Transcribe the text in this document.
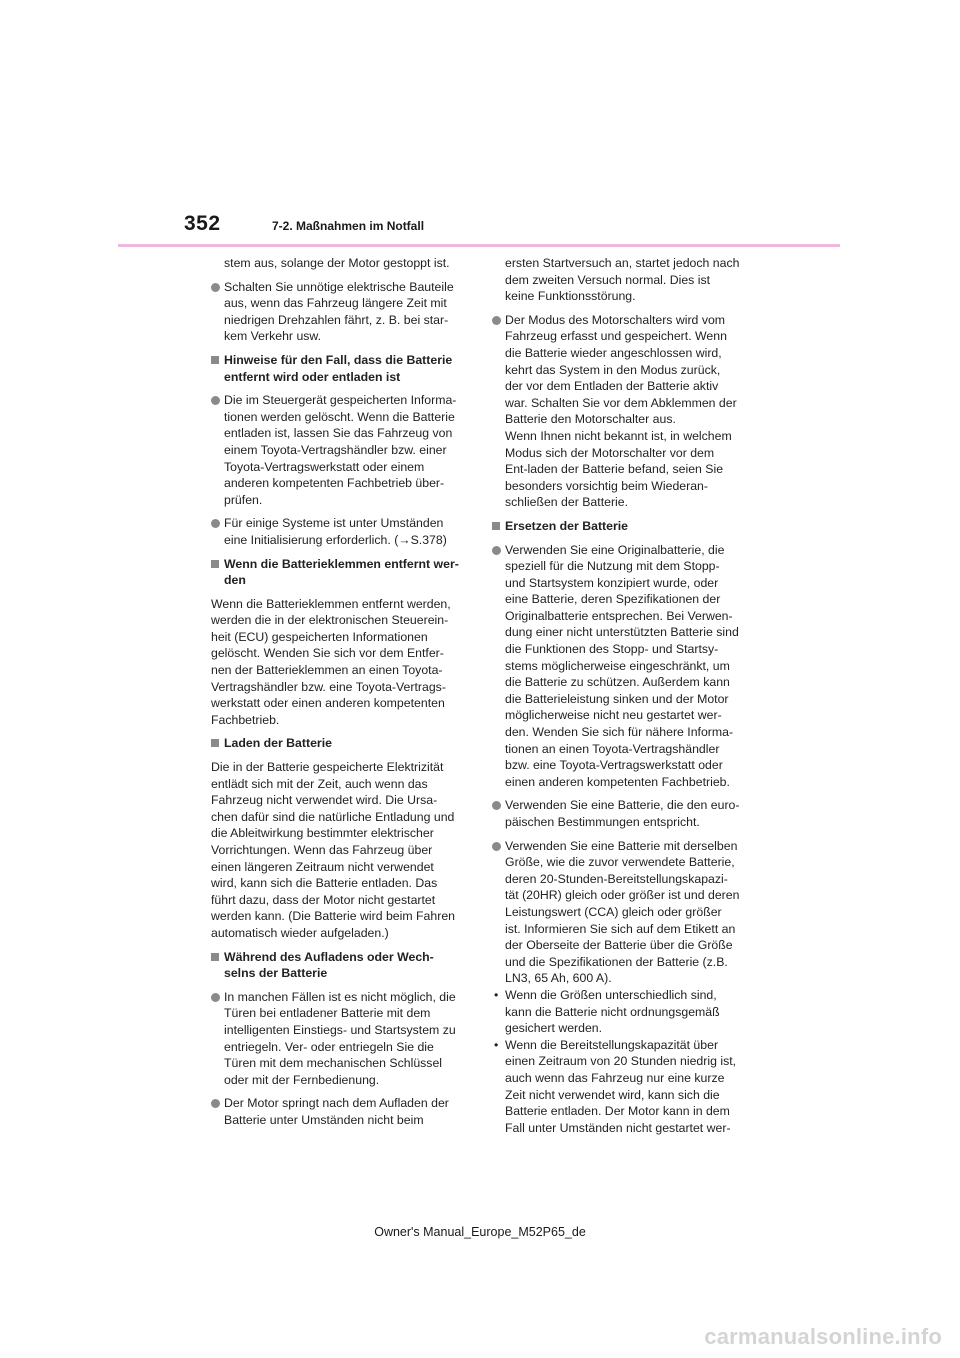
352	7-2. Maßnahmen im Notfall
stem aus, solange der Motor gestoppt ist.
Schalten Sie unnötige elektrische Bauteile aus, wenn das Fahrzeug längere Zeit mit niedrigen Drehzahlen fährt, z. B. bei star-kem Verkehr usw.
Hinweise für den Fall, dass die Batterie entfernt wird oder entladen ist
Die im Steuergerät gespeicherten Informa-tionen werden gelöscht. Wenn die Batterie entladen ist, lassen Sie das Fahrzeug von einem Toyota-Vertragshändler bzw. einer Toyota-Vertragswerkstatt oder einem anderen kompetenten Fachbetrieb über-prüfen.
Für einige Systeme ist unter Umständen eine Initialisierung erforderlich. (→S.378)
Wenn die Batterieklemmen entfernt wer-den
Wenn die Batterieklemmen entfernt werden, werden die in der elektronischen Steuerein-heit (ECU) gespeicherten Informationen gelöscht. Wenden Sie sich vor dem Entfer-nen der Batterieklemmen an einen Toyota-Vertragshändler bzw. eine Toyota-Vertrags-werkstatt oder einen anderen kompetenten Fachbetrieb.
Laden der Batterie
Die in der Batterie gespeicherte Elektrizität entlädt sich mit der Zeit, auch wenn das Fahrzeug nicht verwendet wird. Die Ursa-chen dafür sind die natürliche Entladung und die Ableitwirkung bestimmter elektrischer Vorrichtungen. Wenn das Fahrzeug über einen längeren Zeitraum nicht verwendet wird, kann sich die Batterie entladen. Das führt dazu, dass der Motor nicht gestartet werden kann. (Die Batterie wird beim Fahren automatisch wieder aufgeladen.)
Während des Aufladens oder Wech-selns der Batterie
In manchen Fällen ist es nicht möglich, die Türen bei entladener Batterie mit dem intelligenten Einstiegs- und Startsystem zu entriegeln. Ver- oder entriegeln Sie die Türen mit dem mechanischen Schlüssel oder mit der Fernbedienung.
Der Motor springt nach dem Aufladen der Batterie unter Umständen nicht beim
ersten Startversuch an, startet jedoch nach dem zweiten Versuch normal. Dies ist keine Funktionsstörung.
Der Modus des Motorschalters wird vom Fahrzeug erfasst und gespeichert. Wenn die Batterie wieder angeschlossen wird, kehrt das System in den Modus zurück, der vor dem Entladen der Batterie aktiv war. Schalten Sie vor dem Abklemmen der Batterie den Motorschalter aus.
Wenn Ihnen nicht bekannt ist, in welchem Modus sich der Motorschalter vor dem Ent-laden der Batterie befand, seien Sie besonders vorsichtig beim Wiederan-schließen der Batterie.
Ersetzen der Batterie
Verwenden Sie eine Originalbatterie, die speziell für die Nutzung mit dem Stopp- und Startsystem konzipiert wurde, oder eine Batterie, deren Spezifikationen der Originalbatterie entsprechen. Bei Verwen-dung einer nicht unterstützten Batterie sind die Funktionen des Stopp- und Startsy-stems möglicherweise eingeschränkt, um die Batterie zu schützen. Außerdem kann die Batterieleistung sinken und der Motor möglicherweise nicht neu gestartet wer-den. Wenden Sie sich für nähere Informa-tionen an einen Toyota-Vertragshändler bzw. eine Toyota-Vertragswerkstatt oder einen anderen kompetenten Fachbetrieb.
Verwenden Sie eine Batterie, die den euro-päischen Bestimmungen entspricht.
Verwenden Sie eine Batterie mit derselben Größe, wie die zuvor verwendete Batterie, deren 20-Stunden-Bereitstellungskapazi-tät (20HR) gleich oder größer ist und deren Leistungswert (CCA) gleich oder größer ist. Informieren Sie sich auf dem Etikett an der Oberseite der Batterie über die Größe und die Spezifikationen der Batterie (z.B. LN3, 65 Ah, 600 A).
• Wenn die Größen unterschiedlich sind, kann die Batterie nicht ordnungsgemäß gesichert werden.
• Wenn die Bereitstellungskapazität über einen Zeitraum von 20 Stunden niedrig ist, auch wenn das Fahrzeug nur eine kurze Zeit nicht verwendet wird, kann sich die Batterie entladen. Der Motor kann in dem Fall unter Umständen nicht gestartet wer-
Owner's Manual_Europe_M52P65_de
carmanualsonline.info
